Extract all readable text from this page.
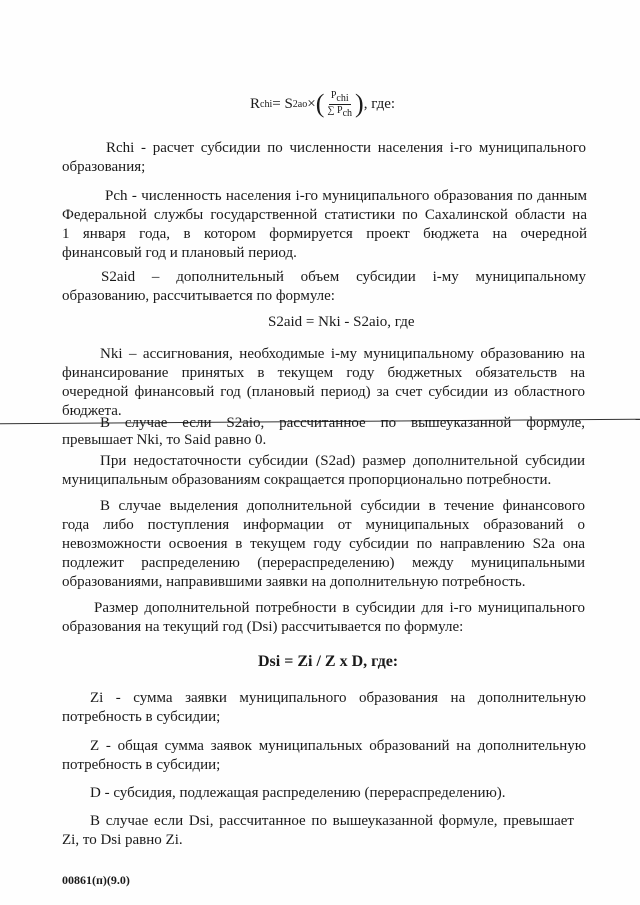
R chi = S 2ao × ( $\frac{P_{chi}}{\sum P_{ch}}$ ) , где:
Rchi - расчет субсидии по численности населения i-го муниципального
образования;
Pch - численность населения i-го муниципального образования по данным
Федеральной службы государственной статистики по Сахалинской области на
1 января года, в котором формируется проект бюджета на очередной
финансовый год и плановый период.
S2aid – дополнительный объем субсидии i-му муниципальному
образованию, рассчитывается по формуле:
S2aid = Nki - S2aio, где
Nki – ассигнования, необходимые i-му муниципальному образованию на
финансирование принятых в текущем году бюджетных обязательств на
очередной финансовый год (плановый период) за счет субсидии из областного
бюджета.
В случае если S2aio, рассчитанное по вышеуказанной формуле,
превышает Nki, то Said равно 0.
При недостаточности субсидии (S2ad) размер дополнительной субсидии
муниципальным образованиям сокращается пропорционально потребности.
В случае выделения дополнительной субсидии в течение финансового
года либо поступления информации от муниципальных образований о
невозможности освоения в текущем году субсидии по направлению S2a она
подлежит распределению (перераспределению) между муниципальными
образованиями, направившими заявки на дополнительную потребность.
Размер дополнительной потребности в субсидии для i-го муниципального
образования на текущий год (Dsi) рассчитывается по формуле:
Dsi = Zi / Z x D, где:
Zi - сумма заявки муниципального образования на дополнительную
потребность в субсидии;
Z - общая сумма заявок муниципальных образований на дополнительную
потребность в субсидии;
D - субсидия, подлежащая распределению (перераспределению).
В случае если Dsi, рассчитанное по вышеуказанной формуле, превышает
Zi, то Dsi равно Zi.
00861(п)(9.0)
